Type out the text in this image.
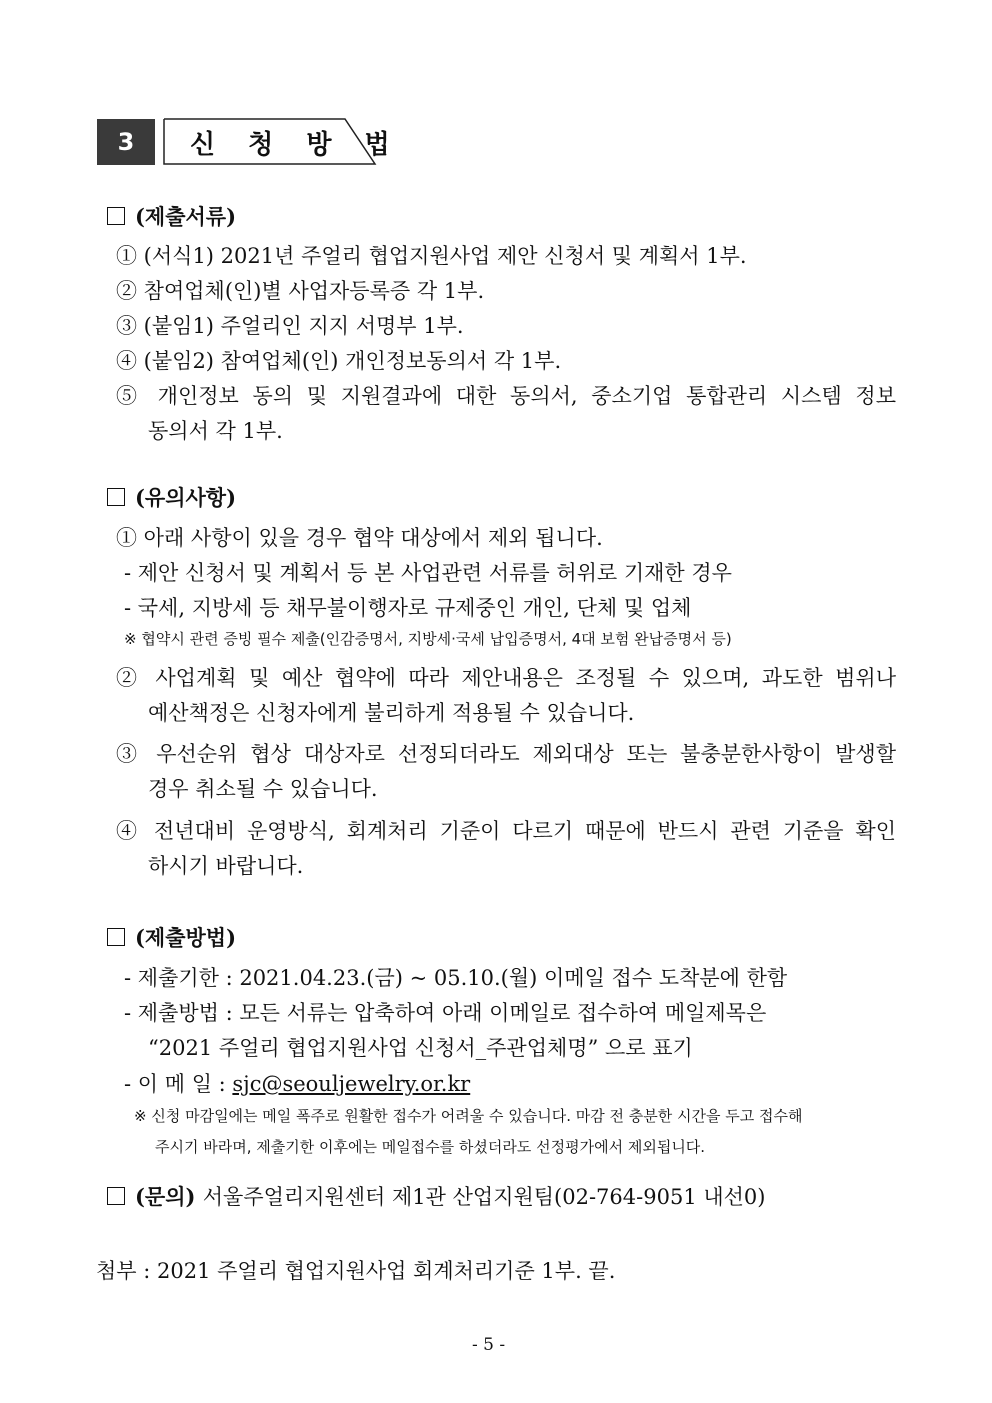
3 신 청 방 법
(제출서류)
① (서식1) 2021년 주얼리 협업지원사업 제안 신청서 및 계획서 1부.
② 참여업체(인)별 사업자등록증 각 1부.
③ (붙임1) 주얼리인 지지 서명부 1부.
④ (붙임2) 참여업체(인) 개인정보동의서 각 1부.
⑤ 개인정보 동의 및 지원결과에 대한 동의서, 중소기업 통합관리 시스템 정보
동의서 각 1부.
(유의사항)
① 아래 사항이 있을 경우 협약 대상에서 제외 됩니다.
- 제안 신청서 및 계획서 등 본 사업관련 서류를 허위로 기재한 경우
- 국세, 지방세 등 채무불이행자로 규제중인 개인, 단체 및 업체
※ 협약시 관련 증빙 필수 제출(인감증명서, 지방세·국세 납입증명서, 4대 보험 완납증명서 등)
② 사업계획 및 예산 협약에 따라 제안내용은 조정될 수 있으며, 과도한 범위나
예산책정은 신청자에게 불리하게 적용될 수 있습니다.
③ 우선순위 협상 대상자로 선정되더라도 제외대상 또는 불충분한사항이 발생할
경우 취소될 수 있습니다.
④ 전년대비 운영방식, 회계처리 기준이 다르기 때문에 반드시 관련 기준을 확인
하시기 바랍니다.
(제출방법)
- 제출기한 : 2021.04.23.(금) ~ 05.10.(월) 이메일 접수 도착분에 한함
- 제출방법 : 모든 서류는 압축하여 아래 이메일로 접수하여 메일제목은
“2021 주얼리 협업지원사업 신청서_주관업체명” 으로 표기
- 이 메 일 : sjc@seouljewelry.or.kr
※ 신청 마감일에는 메일 폭주로 원활한 접수가 어려울 수 있습니다. 마감 전 충분한 시간을 두고 접수해
주시기 바라며, 제출기한 이후에는 메일접수를 하셨더라도 선정평가에서 제외됩니다.
(문의) 서울주얼리지원센터 제1관 산업지원팀(02-764-9051 내선0)
첨부 : 2021 주얼리 협업지원사업 회계처리기준 1부. 끝.
- 5 -
